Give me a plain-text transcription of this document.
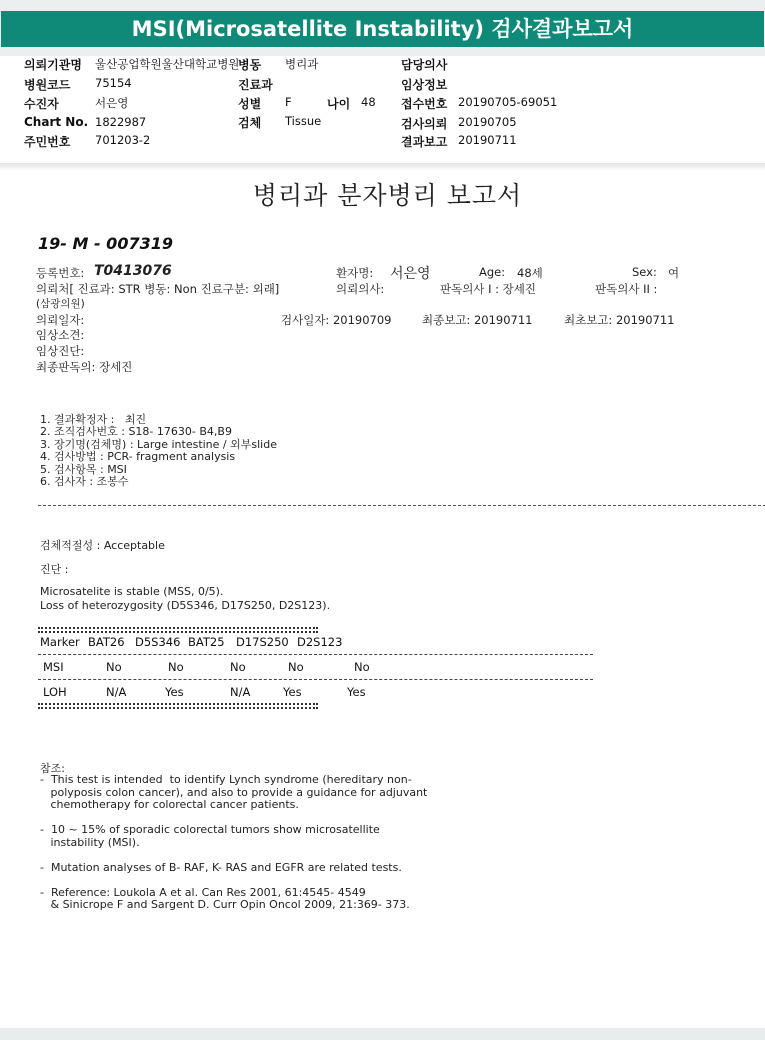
MSI(Microsatellite Instability) 검사결과보고서
의뢰기관명 울산공업학원울산대학교병원
병원코드 75154
수진자	서은영
Chart No. 1822987
주민번호 701203-2
병동 병리과
진료과
성별 F	나이 48
검체 Tissue
담당의사
임상정보
접수번호 20190705-69051
검사의뢰 20190705
결과보고 20190711
병리과 분자병리 보고서
19- M - 007319
등록번호: T0413076	환자명: 서은영	Age: 48세	Sex: 여
의뢰처[ 진료과: STR 병동: Non 진료구분: 외래]	의뢰의사:	판독의사 I : 장세진	판독의사 II :
(삼광의원)
의뢰일자:	검사일자: 20190709	최종보고: 20190711	최초보고: 20190711
임상소견:
임상진단:
최종판독의: 장세진
1. 결과확정자 :   최진
2. 조직검사번호 : S18- 17630- B4,B9
3. 장기명(검체명) : Large intestine / 외부slide
4. 검사방법 : PCR- fragment analysis
5. 검사항목 : MSI
6. 검사자 : 조봉수
검체적절성 : Acceptable
진단 :
Microsatelite is stable (MSS, 0/5).
Loss of heterozygosity (D5S346, D17S250, D2S123).
Marker BAT26 D5S346 BAT25 D17S250 D2S123
MSI	No	No	No	No	No
LOH	N/A	Yes	N/A	Yes	Yes
참조:
-  This test is intended  to identify Lynch syndrome (hereditary non-
polyposis colon cancer), and also to provide a guidance for adjuvant
chemotherapy for colorectal cancer patients.
-  10 ~ 15% of sporadic colorectal tumors show microsatellite
instability (MSI).
-  Mutation analyses of B- RAF, K- RAS and EGFR are related tests.
-  Reference: Loukola A et al. Can Res 2001, 61:4545- 4549
& Sinicrope F and Sargent D. Curr Opin Oncol 2009, 21:369- 373.
